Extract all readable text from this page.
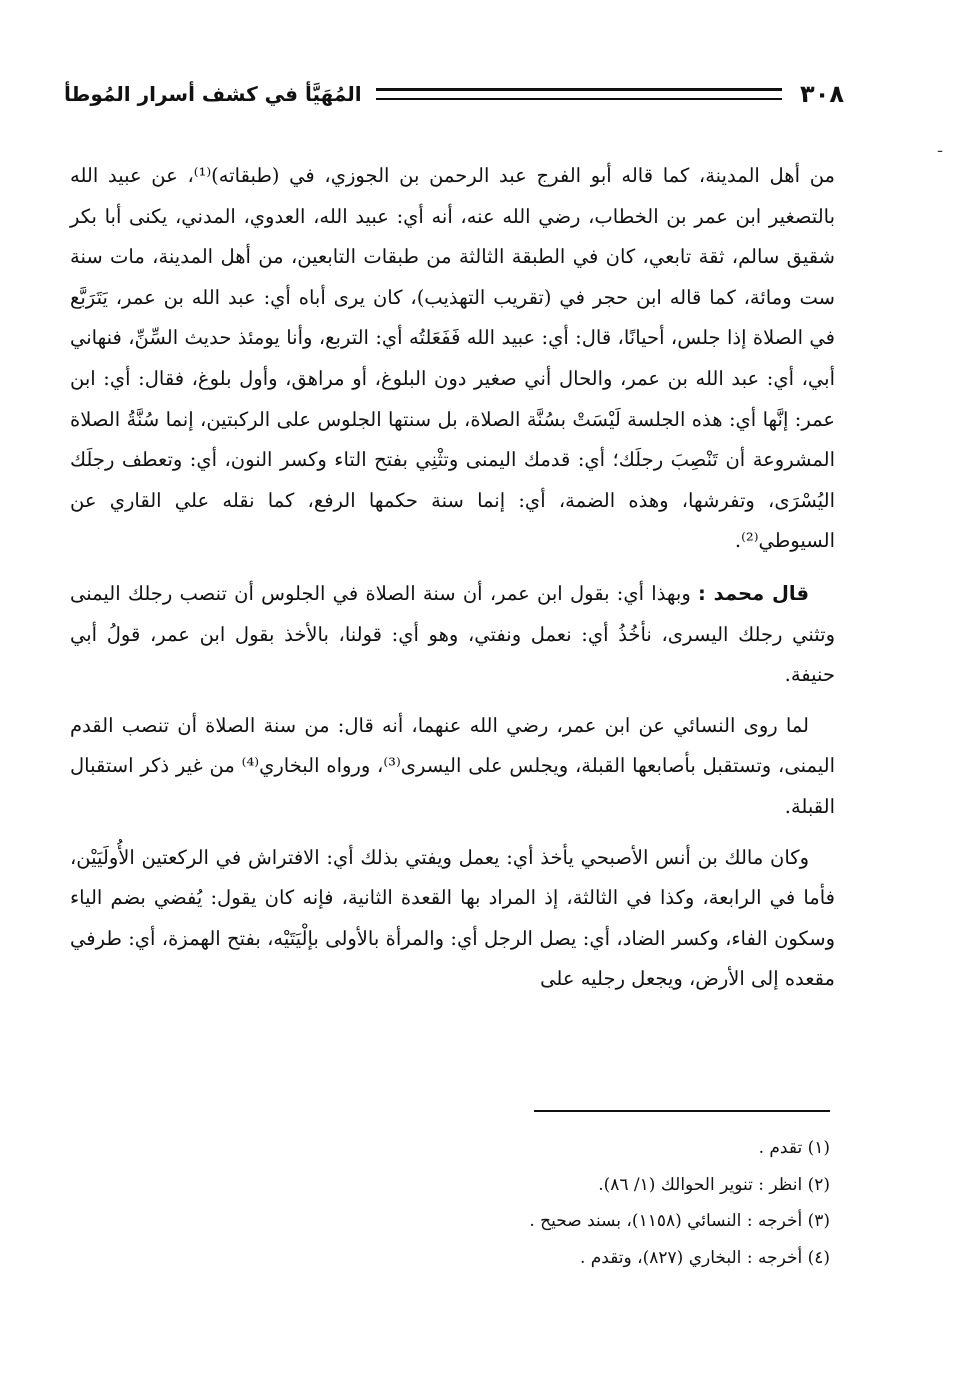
٣٠٨
المُهَيَّأ في كشف أسرار المُوطأ
ـ

من أهل المدينة، كما قاله أبو الفرج عبد الرحمن بن الجوزي، في (طبقاته)⁽¹⁾، عن عبيد الله بالتصغير ابن عمر بن الخطاب، رضي الله عنه، أنه أي: عبيد الله، العدوي، المدني، يكنى أبا بكر شقيق سالم، ثقة تابعي، كان في الطبقة الثالثة من طبقات التابعين، من أهل المدينة، مات سنة ست ومائة، كما قاله ابن حجر في (تقريب التهذيب)، كان يرى أباه أي: عبد الله بن عمر، يَتَرَبَّع في الصلاة إذا جلس، أحيانًا، قال: أي: عبيد الله فَفَعَلتُه أي: التربع، وأنا يومئذ حديث السِّنِّ، فنهاني أبي، أي: عبد الله بن عمر، والحال أني صغير دون البلوغ، أو مراهق، وأول بلوغ، فقال: أي: ابن عمر: إنَّها أي: هذه الجلسة لَيْسَتْ بسُنَّة الصلاة، بل سنتها الجلوس على الركبتين، إنما سُنَّةُ الصلاة المشروعة أن تَنْصِبَ رجلَك؛ أي: قدمك اليمنى وتثْنِي بفتح التاء وكسر النون، أي: وتعطف رجلَك اليُسْرَى، وتفرشها، وهذه الضمة، أي: إنما سنة حكمها الرفع، كما نقله علي القاري عن السيوطي⁽²⁾.

قال محمد : وبهذا أي: بقول ابن عمر، أن سنة الصلاة في الجلوس أن تنصب رجلك اليمنى وتثني رجلك اليسرى، نأخُذُ أي: نعمل ونفتي، وهو أي: قولنا، بالأخذ بقول ابن عمر، قولُ أبي حنيفة.

لما روى النسائي عن ابن عمر، رضي الله عنهما، أنه قال: من سنة الصلاة أن تنصب القدم اليمنى، وتستقبل بأصابعها القبلة، ويجلس على اليسرى⁽³⁾، ورواه البخاري⁽⁴⁾ من غير ذكر استقبال القبلة.

وكان مالك بن أنس الأصبحي يأخذ أي: يعمل ويفتي بذلك أي: الافتراش في الركعتين الأُولَيَيْن، فأما في الرابعة، وكذا في الثالثة، إذ المراد بها القعدة الثانية، فإنه كان يقول: يُفضي بضم الياء وسكون الفاء، وكسر الضاد، أي: يصل الرجل أي: والمرأة بالأولى بإلْيَتَيْه، بفتح الهمزة، أي: طرفي مقعده إلى الأرض، ويجعل رجليه على

(١) تقدم .
(٢) انظر : تنوير الحوالك (١/ ٨٦).
(٣) أخرجه : النسائي (١١٥٨)، بسند صحيح .
(٤) أخرجه : البخاري (٨٢٧)، وتقدم .
